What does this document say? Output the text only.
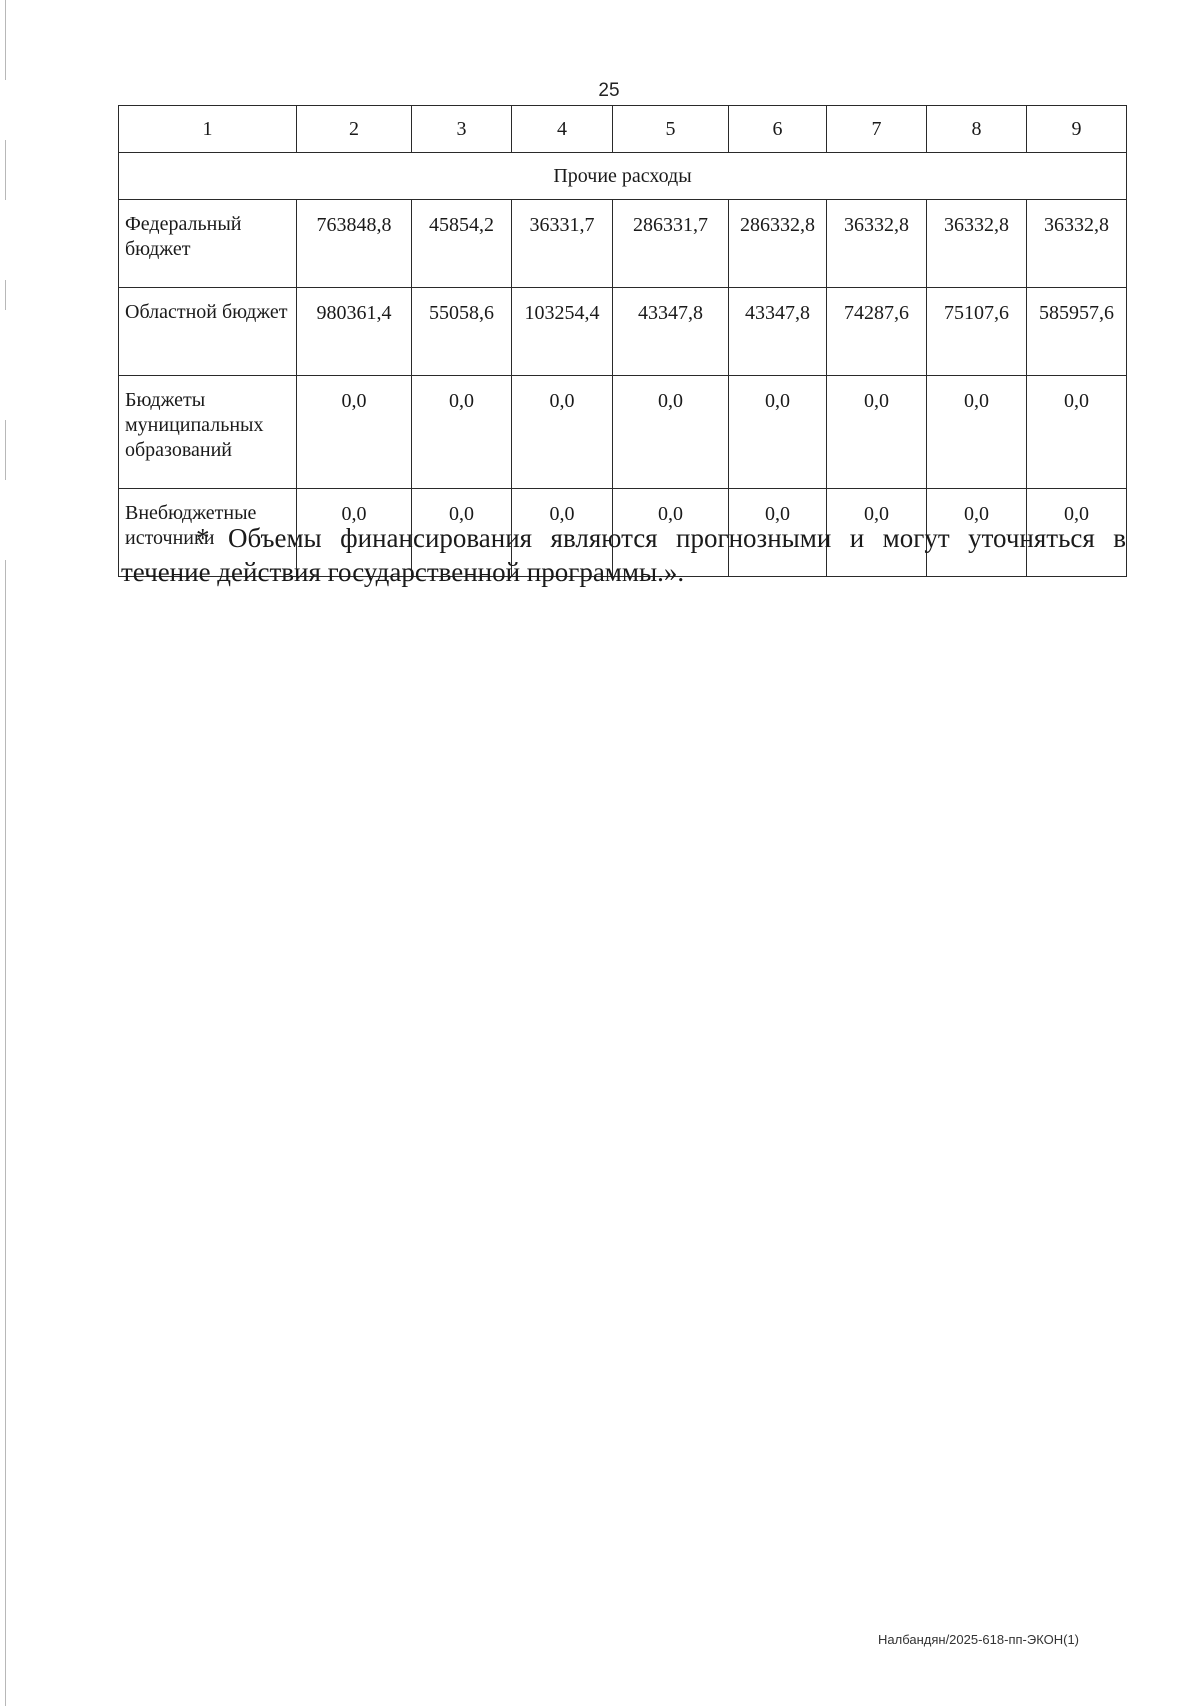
25
1	2	3	4	5	6	7	8	9
Прочие расходы								
Федеральный бюджет	763848,8	45854,2	36331,7	286331,7	286332,8	36332,8	36332,8	36332,8
Областной бюджет	980361,4	55058,6	103254,4	43347,8	43347,8	74287,6	75107,6	585957,6
Бюджеты муниципальных образований	0,0	0,0	0,0	0,0	0,0	0,0	0,0	0,0
Внебюджетные источники	0,0	0,0	0,0	0,0	0,0	0,0	0,0	0,0
* Объемы финансирования являются прогнозными и могут уточняться в течение действия государственной программы.».
Налбандян/2025-618-пп-ЭКОН(1)
